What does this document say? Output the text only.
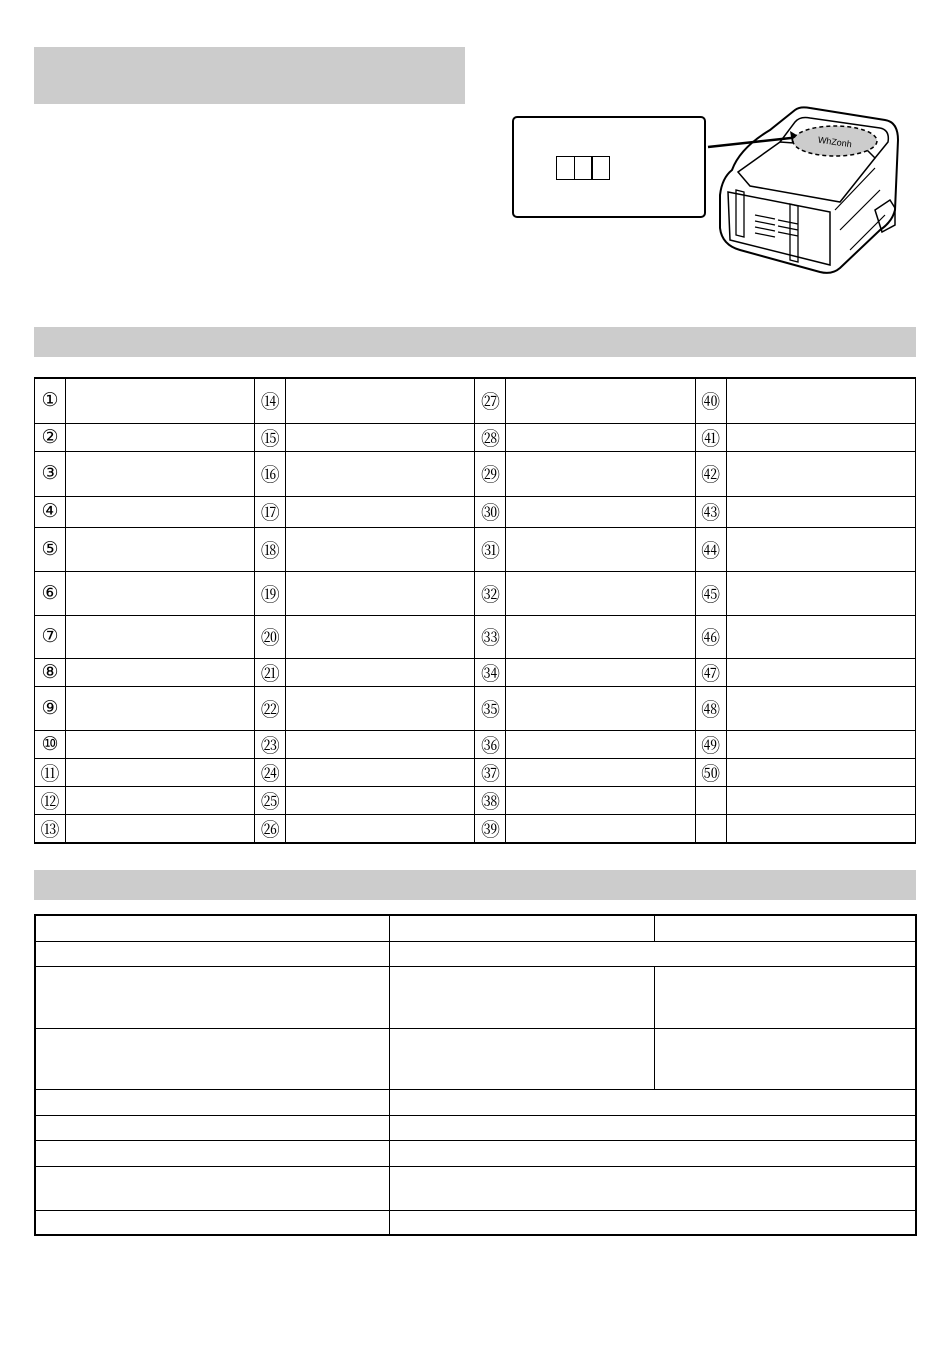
WhZonh
①		⑭		㉗		㊵	
②		⑮		㉘		㊶	
③		⑯		㉙		㊷	
④		⑰		㉚		㊸	
⑤		⑱		㉛		㊹	
⑥		⑲		㉜		㊺	
⑦		⑳		㉝		㊻	
⑧		㉑		㉞		㊼	
⑨		㉒		㉟		㊽	
⑩		㉓		㊱		㊾	
⑪		㉔		㊲		㊿	
⑫		㉕		㊳			
⑬		㉖		㊴			
